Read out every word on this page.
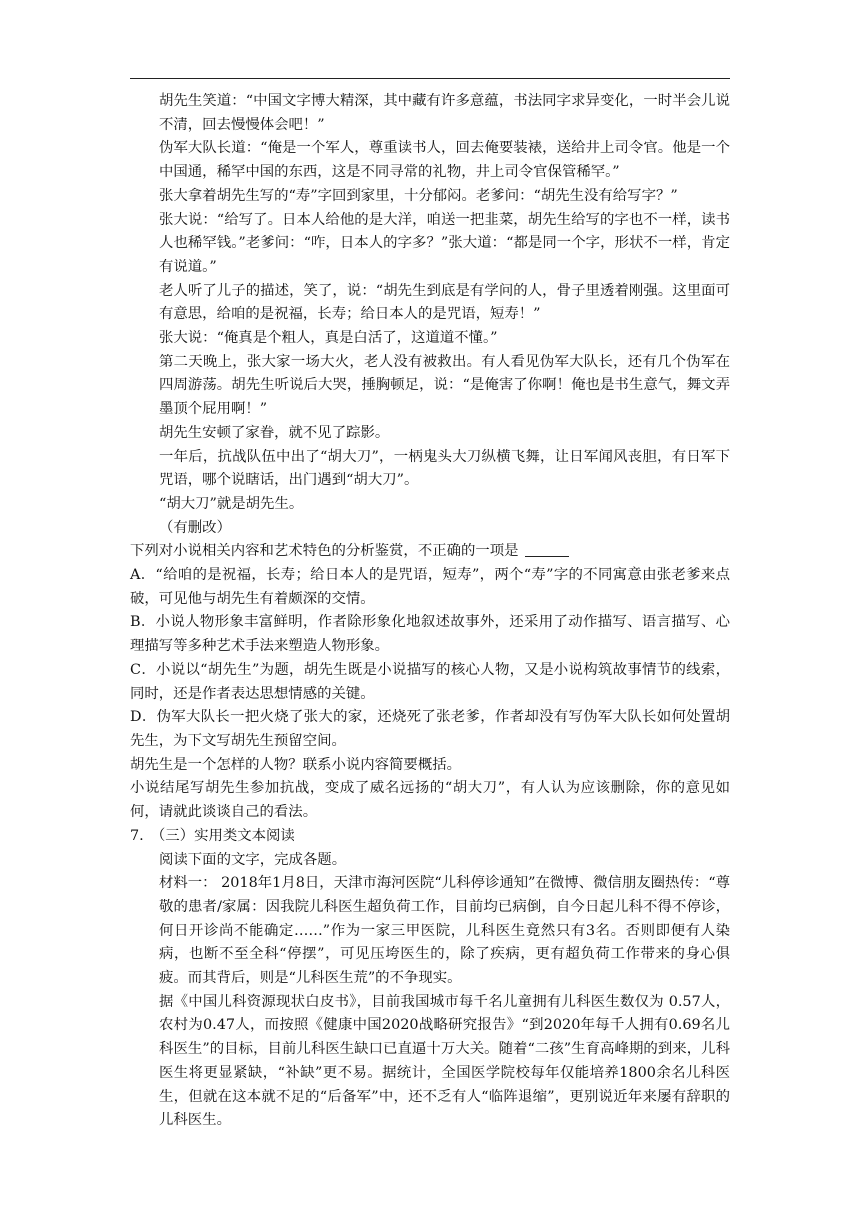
胡先生笑道：“中国文字博大精深，其中藏有许多意蕴，书法同字求异变化，一时半会儿说不清，回去慢慢体会吧！”

伪军大队长道：“俺是一个军人，尊重读书人，回去俺要装裱，送给井上司令官。他是一个中国通，稀罕中国的东西，这是不同寻常的礼物，井上司令官保管稀罕。”

张大拿着胡先生写的“寿”字回到家里，十分郁闷。老爹问：“胡先生没有给写字？”

张大说：“给写了。日本人给他的是大洋，咱送一把韭菜，胡先生给写的字也不一样，读书人也稀罕钱。”老爹问：“咋，日本人的字多？”张大道：“都是同一个字，形状不一样，肯定有说道。”

老人听了儿子的描述，笑了，说：“胡先生到底是有学问的人，骨子里透着刚强。这里面可有意思，给咱的是祝福，长寿；给日本人的是咒语，短寿！”

张大说：“俺真是个粗人，真是白活了，这道道不懂。”

第二天晚上，张大家一场大火，老人没有被救出。有人看见伪军大队长，还有几个伪军在四周游荡。胡先生听说后大哭，捶胸顿足，说：“是俺害了你啊！俺也是书生意气，舞文弄墨顶个屁用啊！”

胡先生安顿了家眷，就不见了踪影。

一年后，抗战队伍中出了“胡大刀”，一柄鬼头大刀纵横飞舞，让日军闻风丧胆，有日军下咒语，哪个说瞎话，出门遇到“胡大刀”。

“胡大刀”就是胡先生。

（有删改）

下列对小说相关内容和艺术特色的分析鉴赏，不正确的一项是

A．“给咱的是祝福，长寿；给日本人的是咒语，短寿”，两个“寿”字的不同寓意由张老爹来点破，可见他与胡先生有着颇深的交情。

B．小说人物形象丰富鲜明，作者除形象化地叙述故事外，还采用了动作描写、语言描写、心理描写等多种艺术手法来塑造人物形象。

C．小说以“胡先生”为题，胡先生既是小说描写的核心人物，又是小说构筑故事情节的线索，同时，还是作者表达思想情感的关键。

D．伪军大队长一把火烧了张大的家，还烧死了张老爹，作者却没有写伪军大队长如何处置胡先生，为下文写胡先生预留空间。

胡先生是一个怎样的人物？联系小说内容简要概括。

小说结尾写胡先生参加抗战，变成了威名远扬的“胡大刀”，有人认为应该删除，你的意见如何，请就此谈谈自己的看法。

7.　（三）实用类文本阅读

阅读下面的文字，完成各题。

材料一： 2018年1月8日，天津市海河医院“儿科停诊通知”在微博、微信朋友圈热传：“尊敬的患者/家属：因我院儿科医生超负荷工作，目前均已病倒，自今日起儿科不得不停诊，何日开诊尚不能确定……”作为一家三甲医院，儿科医生竟然只有3名。否则即便有人染病，也断不至全科“停摆”，可见压垮医生的，除了疾病，更有超负荷工作带来的身心俱疲。而其背后，则是“儿科医生荒”的不争现实。

据《中国儿科资源现状白皮书》，目前我国城市每千名儿童拥有儿科医生数仅为 0.57人，农村为0.47人，而按照《健康中国2020战略研究报告》“到2020年每千人拥有0.69名儿科医生”的目标，目前儿科医生缺口已直逼十万大关。随着“二孩”生育高峰期的到来，儿科医生将更显紧缺，“补缺”更不易。据统计，全国医学院校每年仅能培养1800余名儿科医生，但就在这本就不足的“后备军”中，还不乏有人“临阵退缩”，更别说近年来屡有辞职的儿科医生。
